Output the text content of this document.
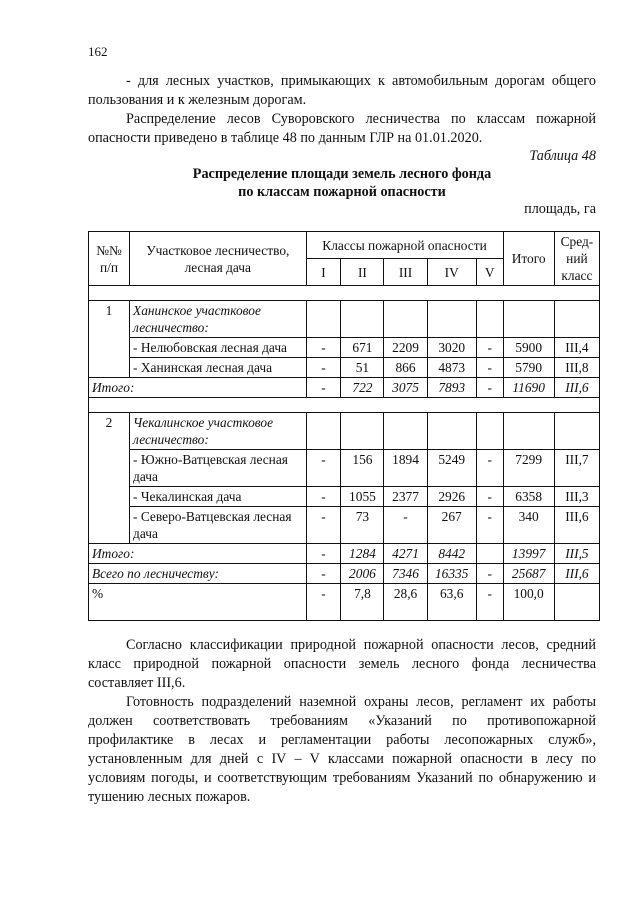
162

- для лесных участков, примыкающих к автомобильным дорогам общего пользования и к железным дорогам.

Распределение лесов Суворовского лесничества по классам пожарной опасности приведено в таблице 48 по данным ГЛР на 01.01.2020.

Таблица 48
Распределение площади земель лесного фонда
по классам пожарной опасности
площадь, га
№№ п/п	Участковое лесничество, лесная дача	Классы пожарной опасности					Итого	Сред-ний класс
		I	II	III	IV	V		

1	Ханинское участковое лесничество:							
	- Нелюбовская лесная дача	-	671	2209	3020	-	5900	III,4
	- Ханинская лесная дача	-	51	866	4873	-	5790	III,8
Итого:		-	722	3075	7893	-	11690	III,6

2	Чекалинское участковое лесничество:							
	- Южно-Ватцевская лесная дача	-	156	1894	5249	-	7299	III,7
	- Чекалинская дача	-	1055	2377	2926	-	6358	III,3
	- Северо-Ватцевская лесная дача	-	73	-	267	-	340	III,6
Итого:		-	1284	4271	8442		13997	III,5
Всего по лесничеству:		-	2006	7346	16335	-	25687	III,6
%		-	7,8	28,6	63,6	-	100,0	

Согласно классификации природной пожарной опасности лесов, средний класс природной пожарной опасности земель лесного фонда лесничества составляет III,6.

Готовность подразделений наземной охраны лесов, регламент их работы должен соответствовать требованиям «Указаний по противопожарной профилактике в лесах и регламентации работы лесопожарных служб», установленным для дней с IV – V классами пожарной опасности в лесу по условиям погоды, и соответствующим требованиям Указаний по обнаружению и тушению лесных пожаров.
